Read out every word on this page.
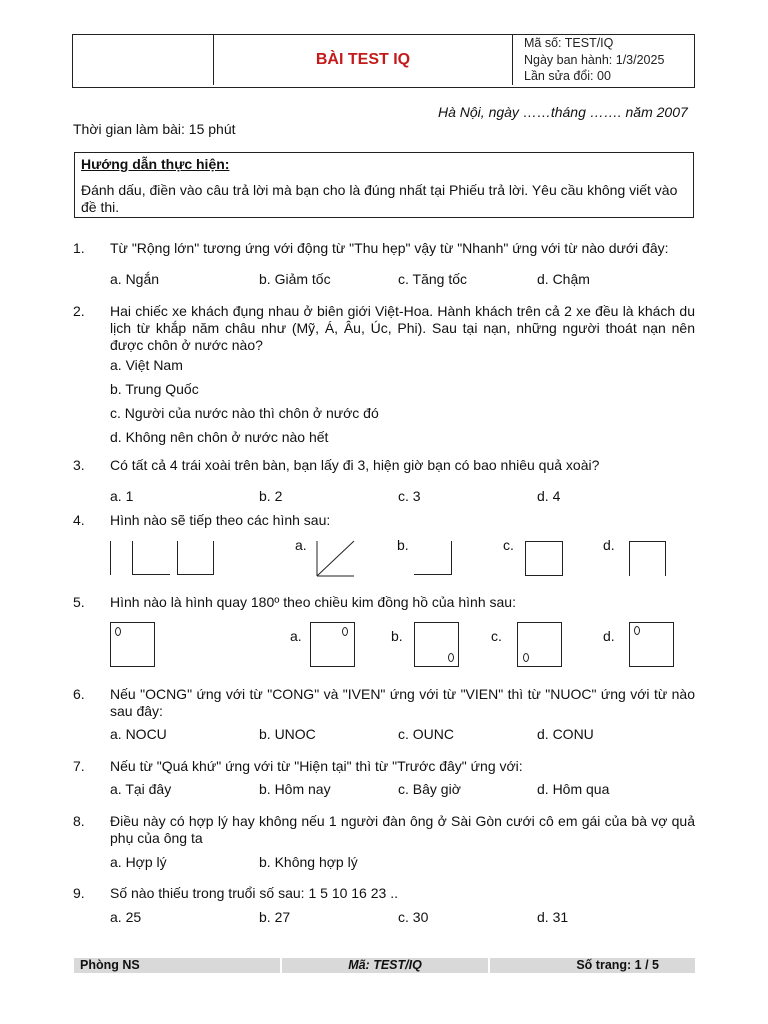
BÀI TEST IQ
Mã số: TEST/IQ
Ngày ban hành: 1/3/2025
Lần sửa đổi: 00
Hà Nội, ngày ……tháng ……. năm 2007
Thời gian làm bài: 15 phút
Hướng dẫn thực hiện:
Đánh dấu, điền vào câu trả lời mà bạn cho là đúng nhất tại Phiếu trả lời. Yêu cầu không viết vào đề thi.
1. Từ "Rộng lớn" tương ứng với động từ "Thu hẹp" vậy từ "Nhanh" ứng với từ nào dưới đây:
a. Ngắn	b. Giảm tốc	c. Tăng tốc	d. Chậm
2. Hai chiếc xe khách đụng nhau ở biên giới Việt-Hoa. Hành khách trên cả 2 xe đều là khách du lịch từ khắp năm châu như (Mỹ, Á, Âu, Úc, Phi). Sau tại nạn, những người thoát nạn nên được chôn ở nước nào?
a. Việt Nam
b. Trung Quốc
c. Người của nước nào thì chôn ở nước đó
d. Không nên chôn ở nước nào hết
3. Có tất cả 4 trái xoài trên bàn, bạn lấy đi 3, hiện giờ bạn có bao nhiêu quả xoài?
a. 1	b. 2	c. 3	d. 4
4. Hình nào sẽ tiếp theo các hình sau:
a.	b.	c.	d.
5. Hình nào là hình quay 180º theo chiều kim đồng hồ của hình sau:
a.	b.	c.	d.
6. Nếu "OCNG" ứng với từ "CONG" và "IVEN" ứng với từ "VIEN" thì từ "NUOC" ứng với từ nào sau đây:
a. NOCU	b. UNOC	c. OUNC	d. CONU
7. Nếu từ "Quá khứ" ứng với từ "Hiện tại" thì từ "Trước đây" ứng với:
a. Tại đây	b. Hôm nay	c. Bây giờ	d. Hôm qua
8. Điều này có hợp lý hay không nếu 1 người đàn ông ở Sài Gòn cưới cô em gái của bà vợ quả phụ của ông ta
a. Hợp lý	b. Không hợp lý
9. Số nào thiếu trong truổi số sau: 1 5 10 16 23 ..
a. 25	b. 27	c. 30	d. 31
Phòng NS	Mã: TEST/IQ	Số trang: 1 / 5
